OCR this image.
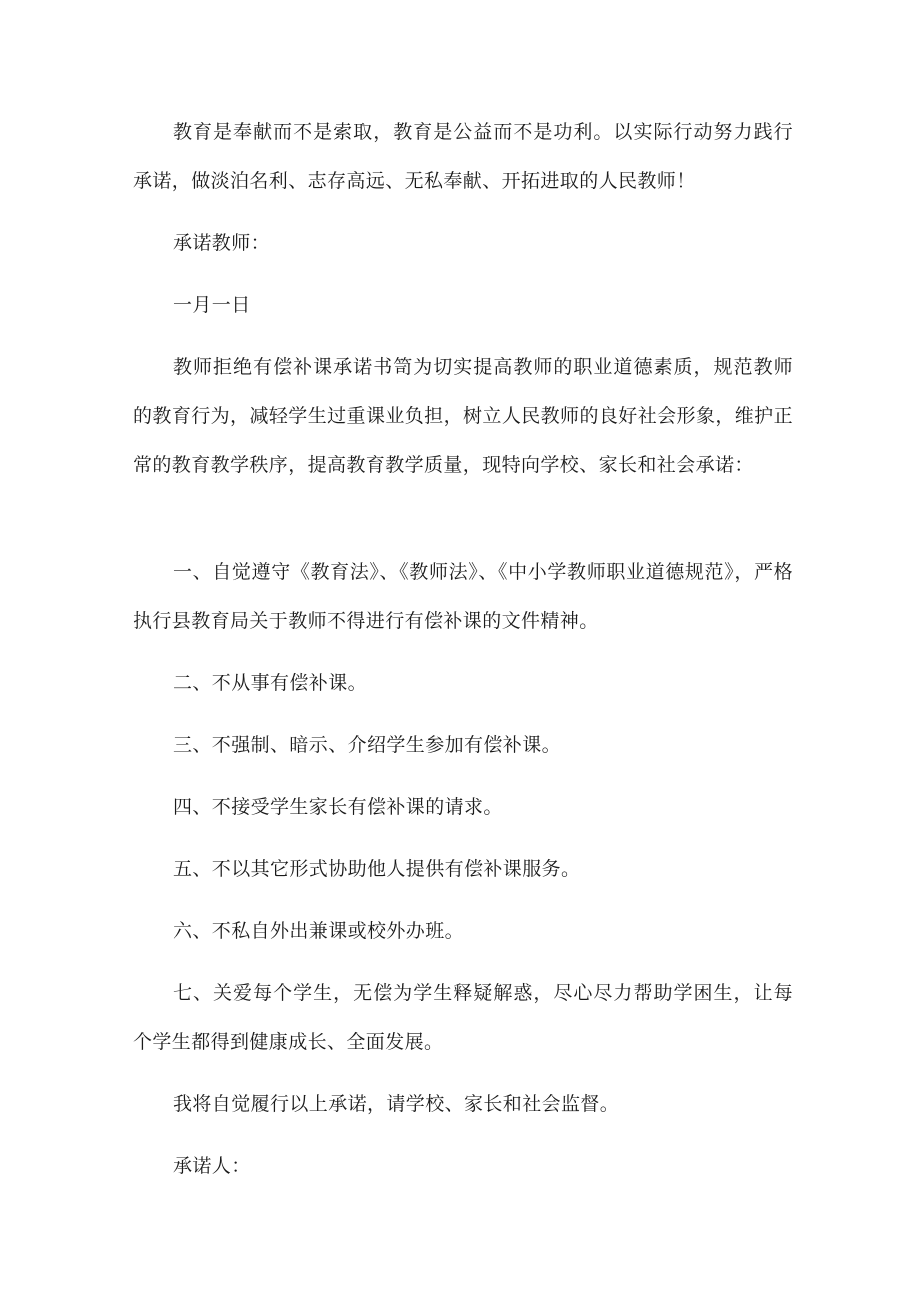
教育是奉献而不是索取，教育是公益而不是功利。以实际行动努力践行承诺，做淡泊名利、志存高远、无私奉献、开拓进取的人民教师！

承诺教师：

一月一日

教师拒绝有偿补课承诺书笥为切实提高教师的职业道德素质，规范教师的教育行为，减轻学生过重课业负担，树立人民教师的良好社会形象，维护正常的教育教学秩序，提高教育教学质量，现特向学校、家长和社会承诺：

一、自觉遵守《教育法》、《教师法》、《中小学教师职业道德规范》，严格执行县教育局关于教师不得进行有偿补课的文件精神。

二、不从事有偿补课。

三、不强制、暗示、介绍学生参加有偿补课。

四、不接受学生家长有偿补课的请求。

五、不以其它形式协助他人提供有偿补课服务。

六、不私自外出兼课或校外办班。

七、关爱每个学生，无偿为学生释疑解惑，尽心尽力帮助学困生，让每个学生都得到健康成长、全面发展。

我将自觉履行以上承诺，请学校、家长和社会监督。

承诺人：
